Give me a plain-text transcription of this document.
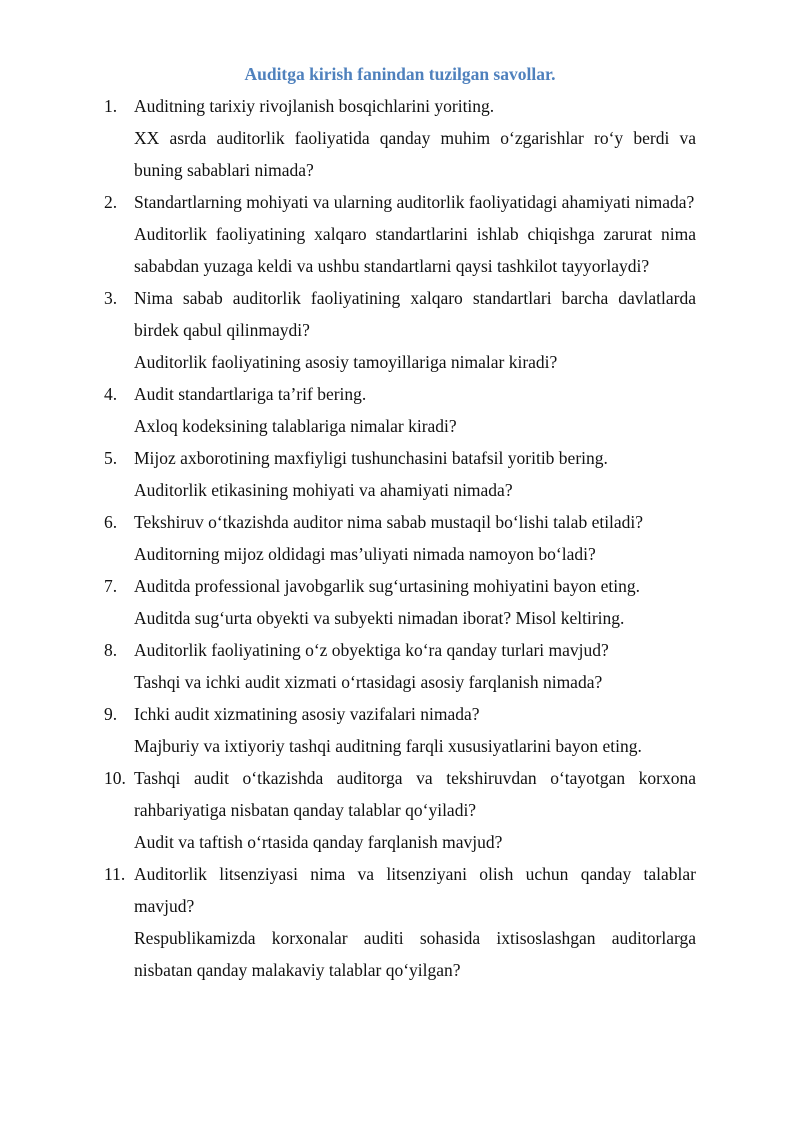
Auditga kirish fanindan tuzilgan savollar.
1. Auditning tarixiy rivojlanish bosqichlarini yoriting.

XX asrda auditorlik faoliyatida qanday muhim o‘zgarishlar ro‘y berdi va buning sabablari nimada?

2. Standartlarning mohiyati va ularning auditorlik faoliyatidagi ahamiyati nimada?

Auditorlik faoliyatining xalqaro standartlarini ishlab chiqishga zarurat nima sababdan yuzaga keldi va ushbu standartlarni qaysi tashkilot tayyorlaydi?

3. Nima sabab auditorlik faoliyatining xalqaro standartlari barcha davlatlarda birdek qabul qilinmaydi?

Auditorlik faoliyatining asosiy tamoyillariga nimalar kiradi?

4. Audit standartlariga ta’rif bering.

Axloq kodeksining talablariga nimalar kiradi?

5. Mijoz axborotining maxfiyligi tushunchasini batafsil yoritib bering.

Auditorlik etikasining mohiyati va ahamiyati nimada?

6. Tekshiruv o‘tkazishda auditor nima sabab mustaqil bo‘lishi talab etiladi?

Auditorning mijoz oldidagi mas’uliyati nimada namoyon bo‘ladi?

7. Auditda professional javobgarlik sug‘urtasining mohiyatini bayon eting.

Auditda sug‘urta obyekti va subyekti nimadan iborat? Misol keltiring.

8. Auditorlik faoliyatining o‘z obyektiga ko‘ra qanday turlari mavjud?

Tashqi va ichki audit xizmati o‘rtasidagi asosiy farqlanish nimada?

9. Ichki audit xizmatining asosiy vazifalari nimada?

Majburiy va ixtiyoriy tashqi auditning farqli xususiyatlarini bayon eting.

10. Tashqi audit o‘tkazishda auditorga va tekshiruvdan o‘tayotgan korxona rahbariyatiga nisbatan qanday talablar qo‘yiladi?

Audit va taftish o‘rtasida qanday farqlanish mavjud?

11. Auditorlik litsenziyasi nima va litsenziyani olish uchun qanday talablar mavjud?

Respublikamizda korxonalar auditi sohasida ixtisoslashgan auditorlarga nisbatan qanday malakaviy talablar qo‘yilgan?
